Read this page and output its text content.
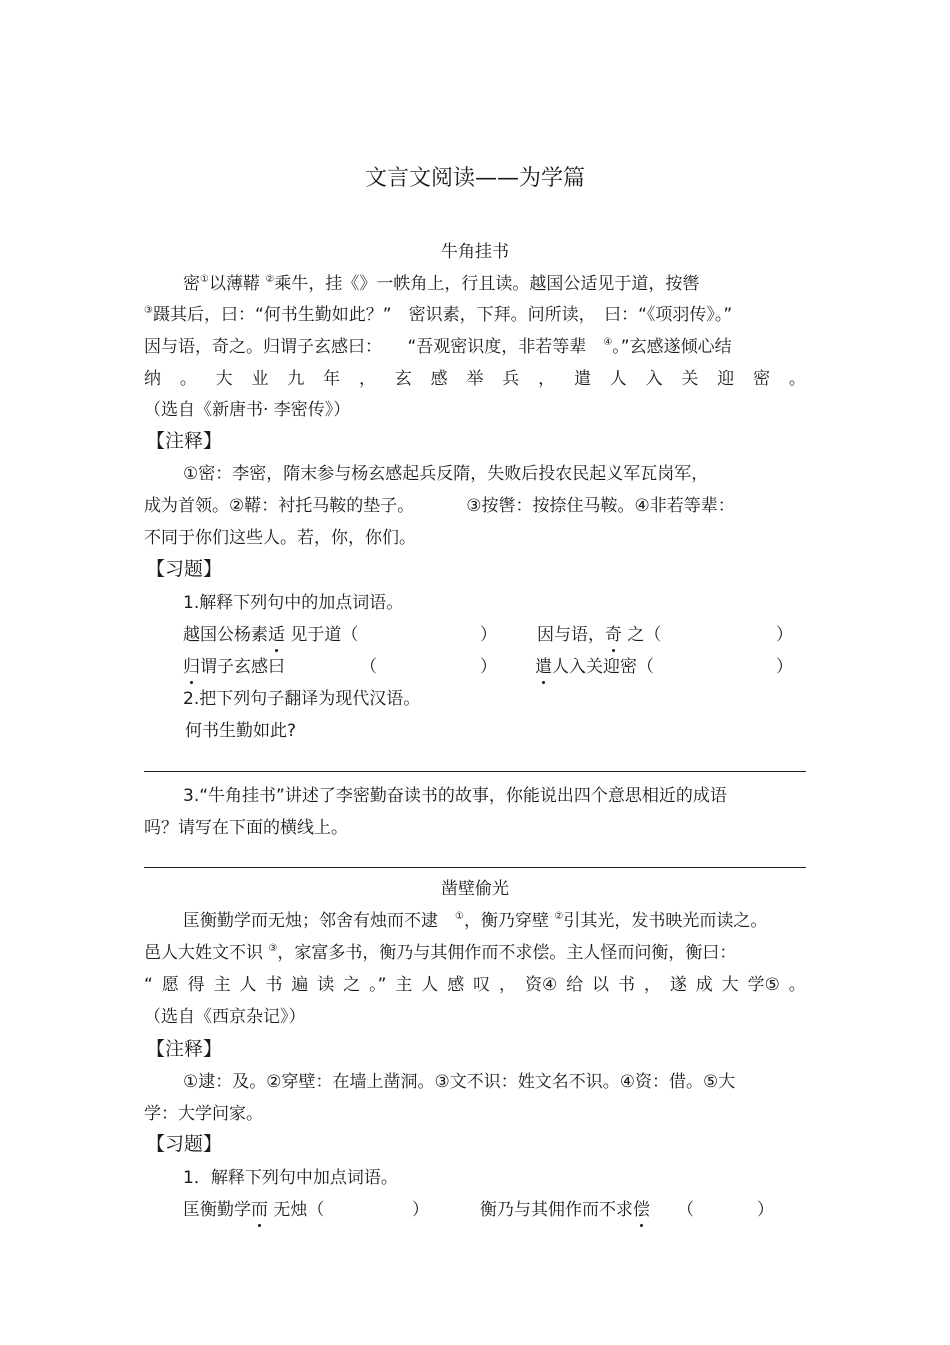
文言文阅读——为学篇
牛角挂书
密①以薄鞯 ②乘牛，挂《》一帙角上，行且读。越国公适见于道，按辔
③蹑其后，曰：“何书生勤如此？”　密识素，下拜。问所读，　曰：“《项羽传》。”
因与语，奇之。归谓子玄感曰：　　“吾观密识度，非若等辈　 ④。”玄感遂倾心结
纳 。 大 业 九 年 ， 玄 感 举 兵 ， 遣 人 入 关 迎 密 。
（选自《新唐书· 李密传》）
【注释】
①密：李密，隋末参与杨玄感起兵反隋，失败后投农民起义军瓦岗军，
成为首领。②鞯：衬托马鞍的垫子。	③按辔：按捺住马鞍。④非若等辈：
不同于你们这些人。若，你，你们。
【习题】
1.解释下列句中的加点词语。
越国公杨素适 见于道（	） 因与语，奇 之（	）
归谓子玄感曰	（	） 遣人入关迎密（	）
2.把下列句子翻译为现代汉语。
何书生勤如此?
3.“牛角挂书”讲述了李密勤奋读书的故事，你能说出四个意思相近的成语
吗？请写在下面的横线上。
凿壁偷光
匡衡勤学而无烛；邻舍有烛而不逮　 ①，衡乃穿壁 ②引其光，发书映光而读之。
邑人大姓文不识 ③，家富多书，衡乃与其佣作而不求偿。主人怪而问衡，衡曰：
“ 愿 得 主 人 书 遍 读 之 。” 主 人 感 叹 ， 资④ 给 以 书 ， 遂 成 大 学⑤ 。
（选自《西京杂记》）
【注释】
①逮：及。②穿壁：在墙上凿洞。③文不识：姓文名不识。④资：借。⑤大
学：大学问家。
【习题】
1．解释下列句中加点词语。
匡衡勤学而 无烛（	）	衡乃与其佣作而不求偿 （	）
